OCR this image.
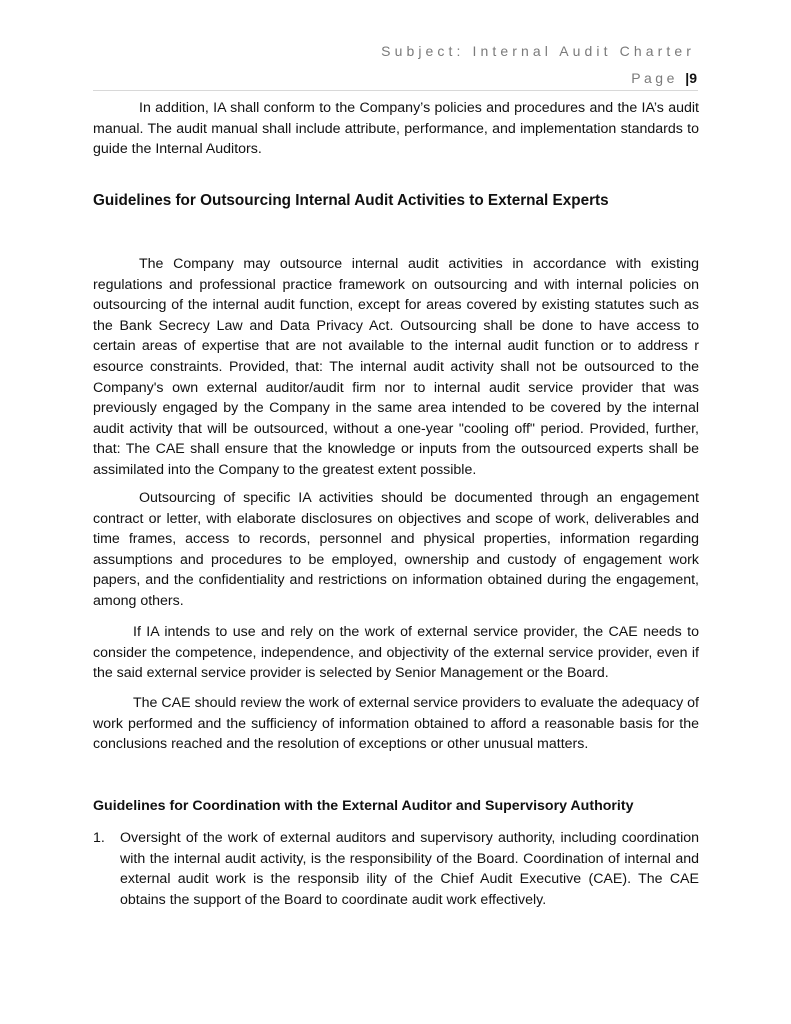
Subject: Internal Audit Charter
Page |9

In addition, IA shall conform to the Company’s policies and procedures and the IA’s audit manual. The audit manual shall include attribute, performance, and implementation standards to guide the Internal Auditors.

Guidelines for Outsourcing Internal Audit Activities to External Experts

The Company may outsource internal audit activities in accordance with existing regulations and professional practice framework on outsourcing and with internal policies on outsourcing of the internal audit function, except for areas covered by existing statutes such as the Bank Secrecy Law and Data Privacy Act. Outsourcing shall be done to have access to certain areas of expertise that are not available to the internal audit function or to address r esource constraints. Provided, that: The internal audit activity shall not be outsourced to the Company's own external auditor/audit firm nor to internal audit service provider that was previously engaged by the Company in the same area intended to be covered by the internal audit activity that will be outsourced, without a one-year "cooling off" period. Provided, further, that: The CAE shall ensure that the knowledge or inputs from the outsourced experts shall be assimilated into the Company to the greatest extent possible.

Outsourcing of specific IA activities should be documented through an engagement contract or letter, with elaborate disclosures on objectives and scope of work, deliverables and time frames, access to records, personnel and physical properties, information regarding assumptions and procedures to be employed, ownership and custody of engagement work papers, and the confidentiality and restrictions on information obtained during the engagement, among others.

If IA intends to use and rely on the work of external service provider, the CAE needs to consider the competence, independence, and objectivity of the external service provider, even if the said external service provider is selected by Senior Management or the Board.

The CAE should review the work of external service providers to evaluate the adequacy of work performed and the sufficiency of information obtained to afford a reasonable basis for the conclusions reached and the resolution of exceptions or other unusual matters.

Guidelines for Coordination with the External Auditor and Supervisory Authority
1.	Oversight of the work of external auditors and supervisory authority, including coordination with the internal audit activity, is the responsibility of the Board. Coordination of internal and external audit work is the responsib ility of the Chief Audit Executive (CAE). The CAE obtains the support of the Board to coordinate audit work effectively.
